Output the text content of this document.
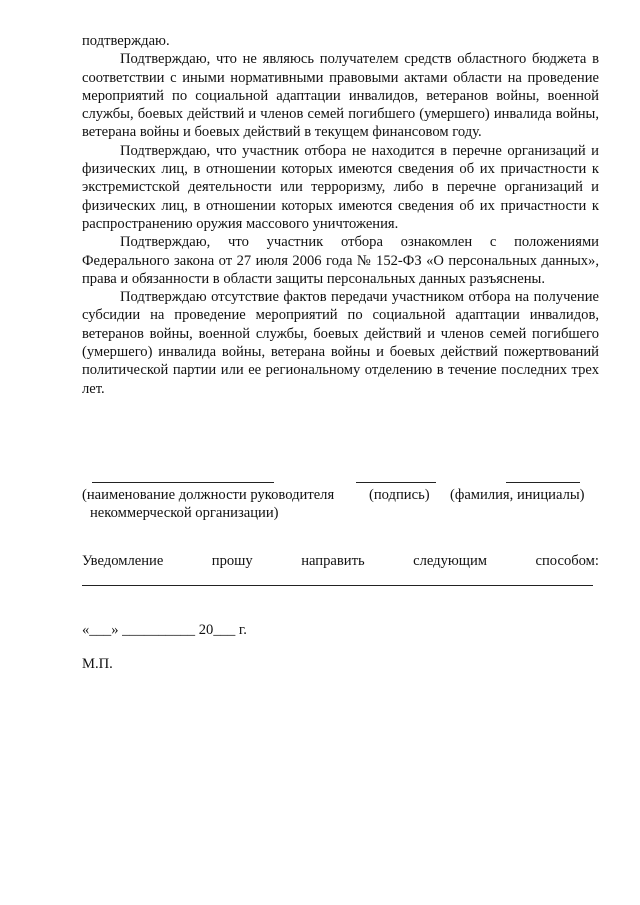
подтверждаю.

Подтверждаю, что не являюсь получателем средств областного бюджета в соответствии с иными нормативными правовыми актами области на проведение мероприятий по социальной адаптации инвалидов, ветеранов войны, военной службы, боевых действий и членов семей погибшего (умершего) инвалида войны, ветерана войны и боевых действий в текущем финансовом году.

Подтверждаю, что участник отбора не находится в перечне организаций и физических лиц, в отношении которых имеются сведения об их причастности к экстремистской деятельности или терроризму, либо в перечне организаций и физических лиц, в отношении которых имеются сведения об их причастности к распространению оружия массового уничтожения.

Подтверждаю, что участник отбора ознакомлен с положениями Федерального закона от 27 июля 2006 года № 152-ФЗ «О персональных данных», права и обязанности в области защиты персональных данных разъяснены.

Подтверждаю отсутствие фактов передачи участником отбора на получение субсидии на проведение мероприятий по социальной адаптации инвалидов, ветеранов войны, военной службы, боевых действий и членов семей погибшего (умершего) инвалида войны, ветерана войны и боевых действий пожертвований политической партии или ее региональному отделению в течение последних трех лет.

(наименование должности руководителя
некоммерческой организации)
(подпись) (фамилия, инициалы)
Уведомление	прошу	направить	следующим	способом:
«___» __________ 20___ г.
М.П.
